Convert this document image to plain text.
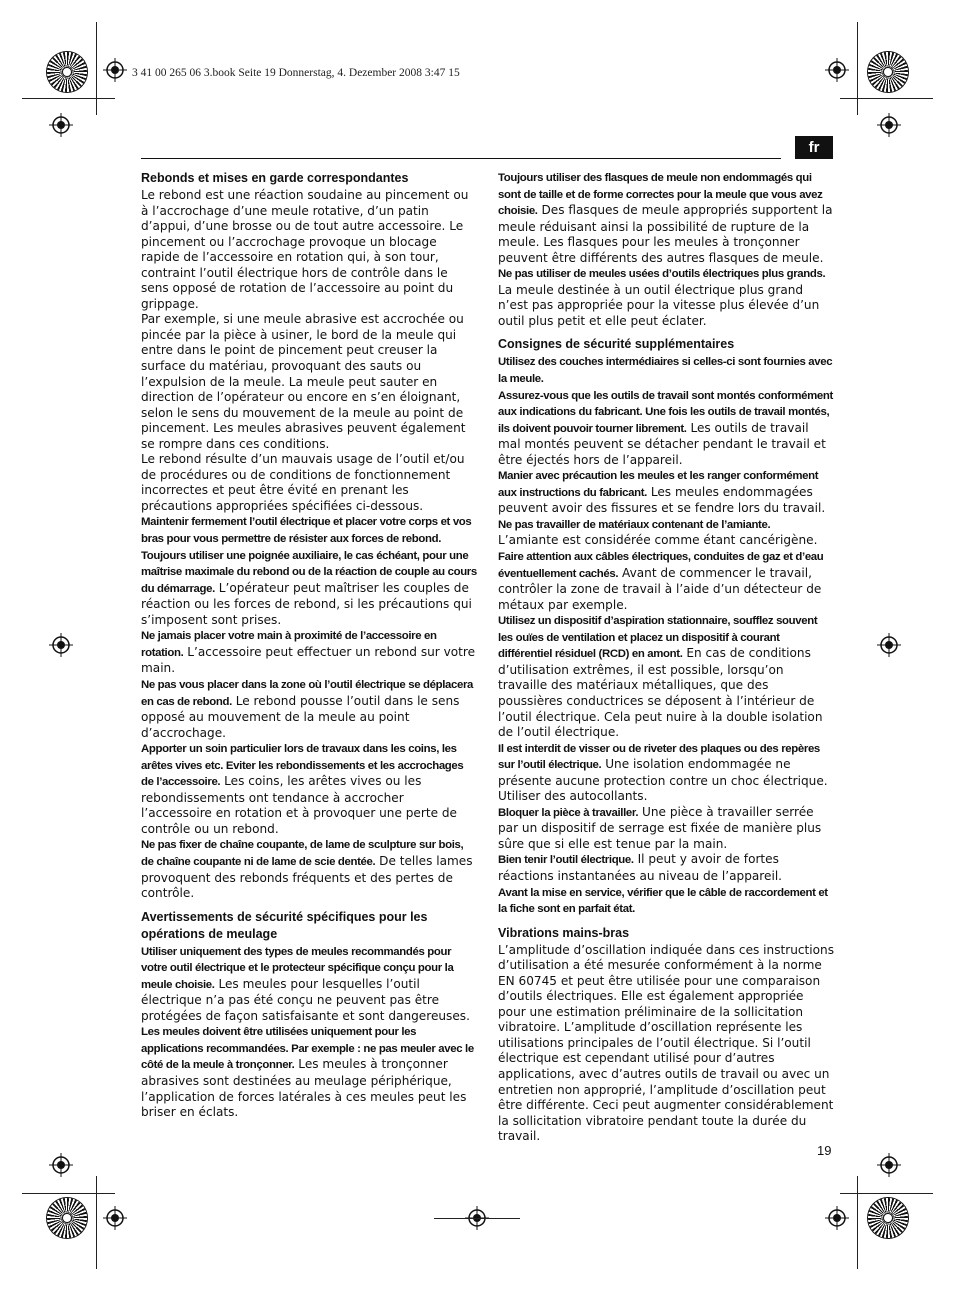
3 41 00 265 06 3.book Seite 19 Donnerstag, 4. Dezember 2008 3:47 15
fr
Rebonds et mises en garde correspondantes

Le rebond est une réaction soudaine au pincement ou à l’accrochage d’une meule rotative, d’un patin d’appui, d’une brosse ou de tout autre accessoire. Le pincement ou l’accrochage provoque un blocage rapide de l’accessoire en rotation qui, à son tour, contraint l’outil électrique hors de contrôle dans le sens opposé de rotation de l’accessoire au point du grippage.

Par exemple, si une meule abrasive est accrochée ou pincée par la pièce à usiner, le bord de la meule qui entre dans le point de pincement peut creuser la surface du matériau, provoquant des sauts ou l’expulsion de la meule. La meule peut sauter en direction de l’opérateur ou encore en s’en éloignant, selon le sens du mouvement de la meule au point de pincement. Les meules abrasives peuvent également se rompre dans ces conditions.

Le rebond résulte d’un mauvais usage de l’outil et/ou de procédures ou de conditions de fonctionnement incorrectes et peut être évité en prenant les précautions appropriées spécifiées ci-dessous.

Maintenir fermement l’outil électrique et placer votre corps et vos bras pour vous permettre de résister aux forces de rebond. Toujours utiliser une poignée auxiliaire, le cas échéant, pour une maîtrise maximale du rebond ou de la réaction de couple au cours du démarrage. L’opérateur peut maîtriser les couples de réaction ou les forces de rebond, si les précautions qui s’imposent sont prises.

Ne jamais placer votre main à proximité de l’accessoire en rotation. L’accessoire peut effectuer un rebond sur votre main.

Ne pas vous placer dans la zone où l’outil électrique se déplacera en cas de rebond. Le rebond pousse l’outil dans le sens opposé au mouvement de la meule au point d’accrochage.

Apporter un soin particulier lors de travaux dans les coins, les arêtes vives etc. Eviter les rebondissements et les accrochages de l’accessoire. Les coins, les arêtes vives ou les rebondissements ont tendance à accrocher l’accessoire en rotation et à provoquer une perte de contrôle ou un rebond.

Ne pas fixer de chaîne coupante, de lame de sculpture sur bois, de chaîne coupante ni de lame de scie dentée. De telles lames provoquent des rebonds fréquents et des pertes de contrôle.

Avertissements de sécurité spécifiques pour les opérations de meulage

Utiliser uniquement des types de meules recommandés pour votre outil électrique et le protecteur spécifique conçu pour la meule choisie. Les meules pour lesquelles l’outil électrique n’a pas été conçu ne peuvent pas être protégées de façon satisfaisante et sont dangereuses.

Les meules doivent être utilisées uniquement pour les applications recommandées. Par exemple : ne pas meuler avec le côté de la meule à tronçonner. Les meules à tronçonner abrasives sont destinées au meulage périphérique, l’application de forces latérales à ces meules peut les briser en éclats.

Toujours utiliser des flasques de meule non endommagés qui sont de taille et de forme correctes pour la meule que vous avez choisie. Des flasques de meule appropriés supportent la meule réduisant ainsi la possibilité de rupture de la meule. Les flasques pour les meules à tronçonner peuvent être différents des autres flasques de meule.

Ne pas utiliser de meules usées d’outils électriques plus grands. La meule destinée à un outil électrique plus grand n’est pas appropriée pour la vitesse plus élevée d’un outil plus petit et elle peut éclater.

Consignes de sécurité supplémentaires

Utilisez des couches intermédiaires si celles-ci sont fournies avec la meule.

Assurez-vous que les outils de travail sont montés conformément aux indications du fabricant. Une fois les outils de travail montés, ils doivent pouvoir tourner librement. Les outils de travail mal montés peuvent se détacher pendant le travail et être éjectés hors de l’appareil.

Manier avec précaution les meules et les ranger conformément aux instructions du fabricant. Les meules endommagées peuvent avoir des fissures et se fendre lors du travail.

Ne pas travailler de matériaux contenant de l’amiante. L’amiante est considérée comme étant cancérigène.

Faire attention aux câbles électriques, conduites de gaz et d’eau éventuellement cachés. Avant de commencer le travail, contrôler la zone de travail à l’aide d’un détecteur de métaux par exemple.

Utilisez un dispositif d’aspiration stationnaire, soufflez souvent les ouïes de ventilation et placez un dispositif à courant différentiel résiduel (RCD) en amont. En cas de conditions d’utilisation extrêmes, il est possible, lorsqu’on travaille des matériaux métalliques, que des poussières conductrices se déposent à l’intérieur de l’outil électrique. Cela peut nuire à la double isolation de l’outil électrique.

Il est interdit de visser ou de riveter des plaques ou des repères sur l’outil électrique. Une isolation endommagée ne présente aucune protection contre un choc électrique. Utiliser des autocollants.

Bloquer la pièce à travailler. Une pièce à travailler serrée par un dispositif de serrage est fixée de manière plus sûre que si elle est tenue par la main.

Bien tenir l’outil électrique. Il peut y avoir de fortes réactions instantanées au niveau de l’appareil.

Avant la mise en service, vérifier que le câble de raccordement et la fiche sont en parfait état.

Vibrations mains-bras

L’amplitude d’oscillation indiquée dans ces instructions d’utilisation a été mesurée conformément à la norme EN 60745 et peut être utilisée pour une comparaison d’outils électriques. Elle est également appropriée pour une estimation préliminaire de la sollicitation vibratoire. L’amplitude d’oscillation représente les utilisations principales de l’outil électrique. Si l’outil électrique est cependant utilisé pour d’autres applications, avec d’autres outils de travail ou avec un entretien non approprié, l’amplitude d’oscillation peut être différente. Ceci peut augmenter considérablement la sollicitation vibratoire pendant toute la durée du travail.

19
